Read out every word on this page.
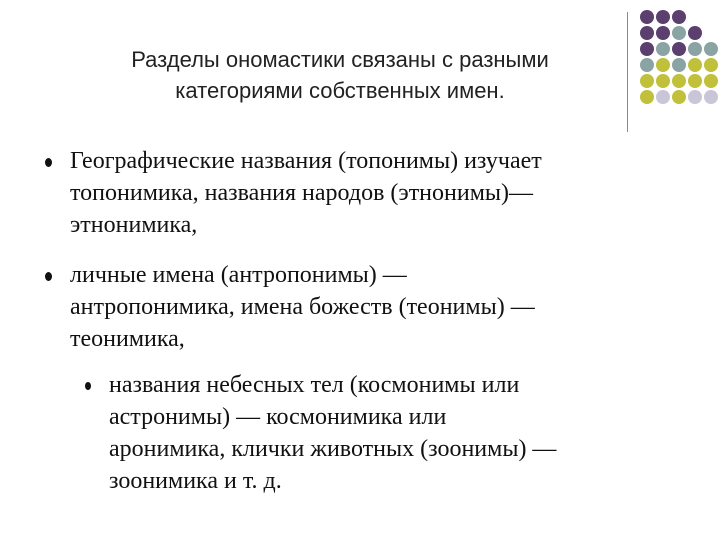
Разделы ономастики связаны с разными
категориями собственных имен.
Географические названия (топонимы) изучает
топонимика, названия народов (этнонимы)—
этнонимика,
личные имена (антропонимы) —
антропонимика, имена божеств (теонимы) —
теонимика,
названия небесных тел (космонимы или
астронимы) — космонимика или
аронимика, клички животных (зоонимы) —
зоонимика и т. д.
